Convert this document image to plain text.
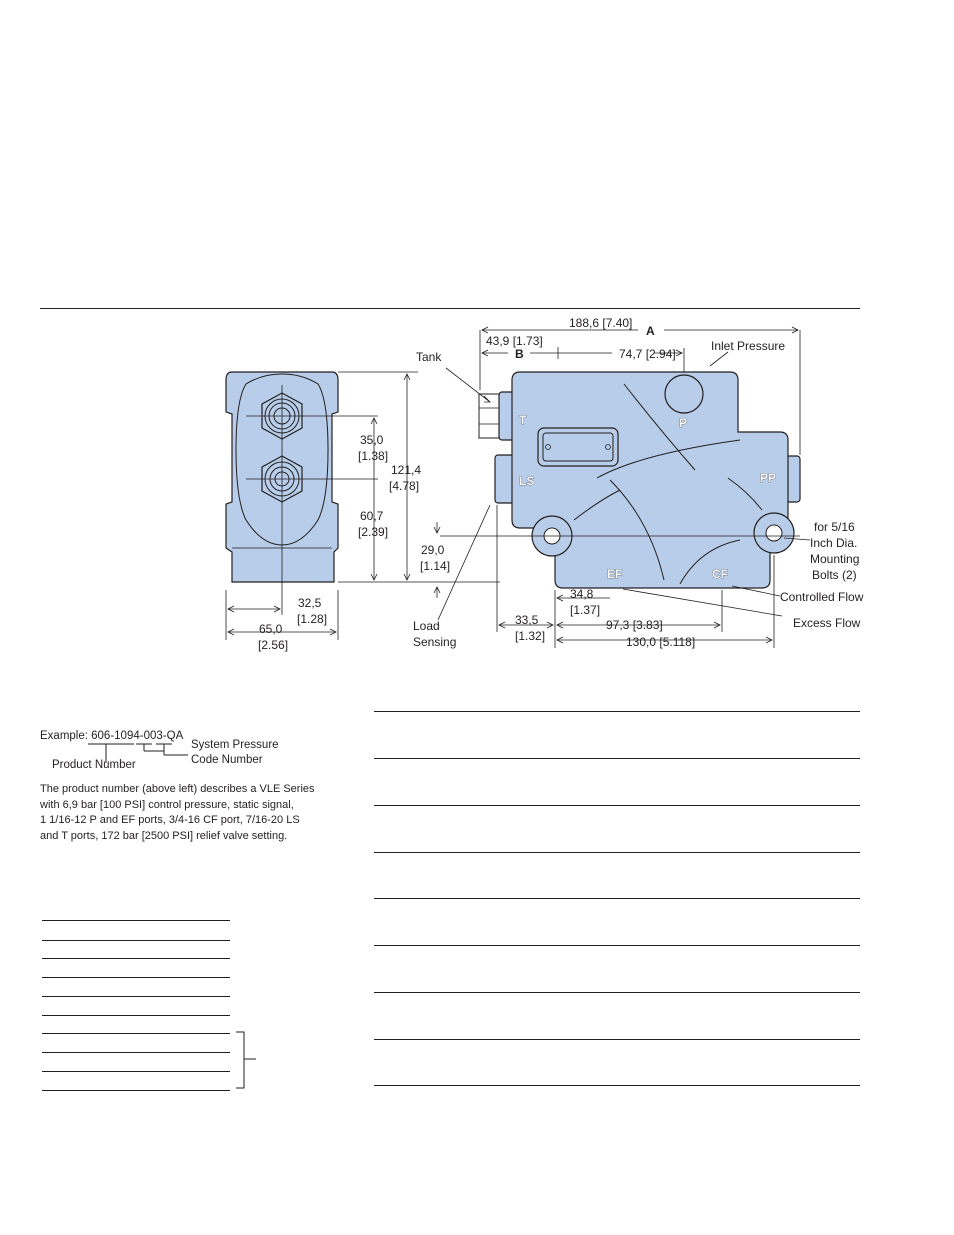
35,0
[1.38]
121,4
[4.78]
60,7
[2.39]
29,0
[1.14]
32,5
[1.28]
65,0
[2.56]
T	P
LS	PP
EF	CF
188,6 [7.40]
A
43,9 [1.73]
B	74,7 [2.94]
34,8
[1.37]
33,5
[1.32]
97,3 [3.83]
130,0 [5.118]
Tank
Inlet Pressure
for 5/16
Inch Dia.
Mounting
Bolts (2)
Controlled Flow
Excess Flow
Load
Sensing
Example: 606-1094-003-QA
System Pressure
Code Number
Product Number
The product number (above left) describes a VLE Series
with 6,9 bar [100 PSI] control pressure, static signal,
1 1/16-12 P and EF ports, 3/4-16 CF port, 7/16-20 LS
and T ports, 172 bar [2500 PSI] relief valve setting.
